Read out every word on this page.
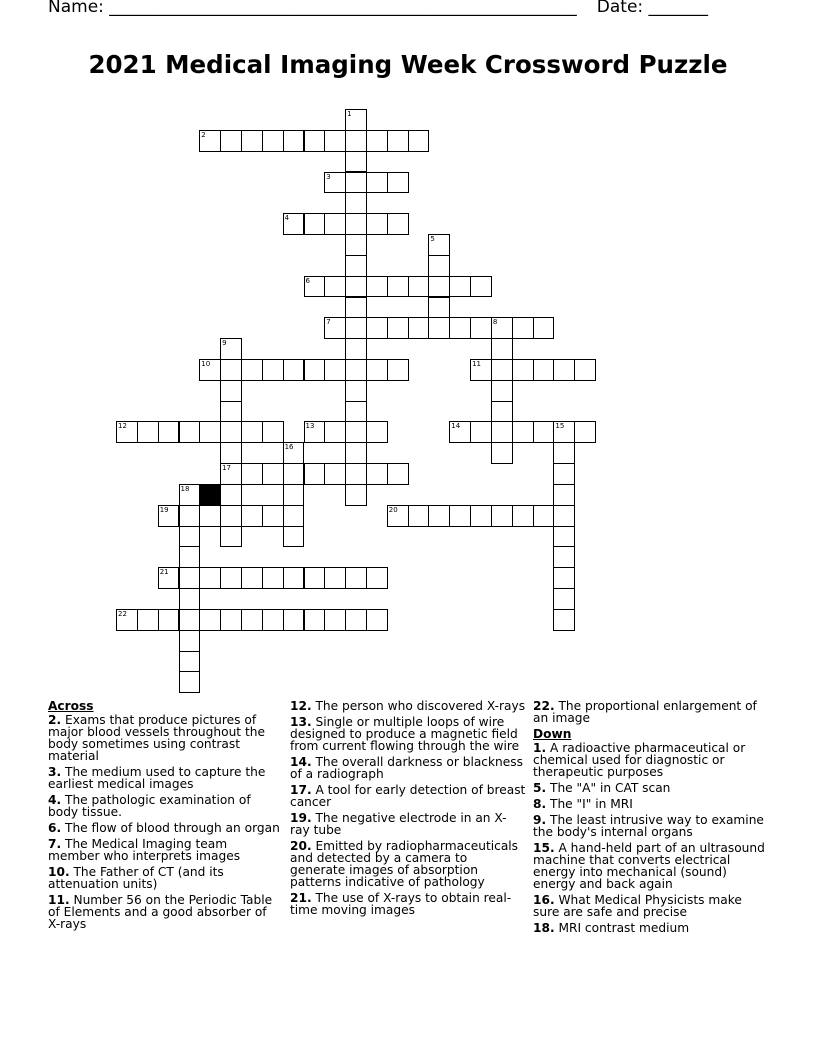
Name: _______________________________________________________ Date: _______
2021 Medical Imaging Week Crossword Puzzle
1
2
3
4
5
6
7	8
9
17
10	11
12	13	14	15
16
18
19	20
21
22
Across

2. Exams that produce pictures of major blood vessels throughout the body sometimes using contrast material

3. The medium used to capture the earliest medical images

4. The pathologic examination of body tissue.

6. The flow of blood through an organ

7. The Medical Imaging team member who interprets images

10. The Father of CT (and its attenuation units)

11. Number 56 on the Periodic Table of Elements and a good absorber of X-rays

12. The person who discovered X-rays

13. Single or multiple loops of wire designed to produce a magnetic field from current flowing through the wire

14. The overall darkness or blackness of a radiograph

17. A tool for early detection of breast cancer

19. The negative electrode in an X-ray tube

20. Emitted by radiopharmaceuticals and detected by a camera to generate images of absorption patterns indicative of pathology

21. The use of X-rays to obtain real-time moving images

22. The proportional enlargement of an image

Down

1. A radioactive pharmaceutical or chemical used for diagnostic or therapeutic purposes

5. The "A" in CAT scan

8. The "I" in MRI

9. The least intrusive way to examine the body's internal organs

15. A hand-held part of an ultrasound machine that converts electrical energy into mechanical (sound) energy and back again

16. What Medical Physicists make sure are safe and precise

18. MRI contrast medium
